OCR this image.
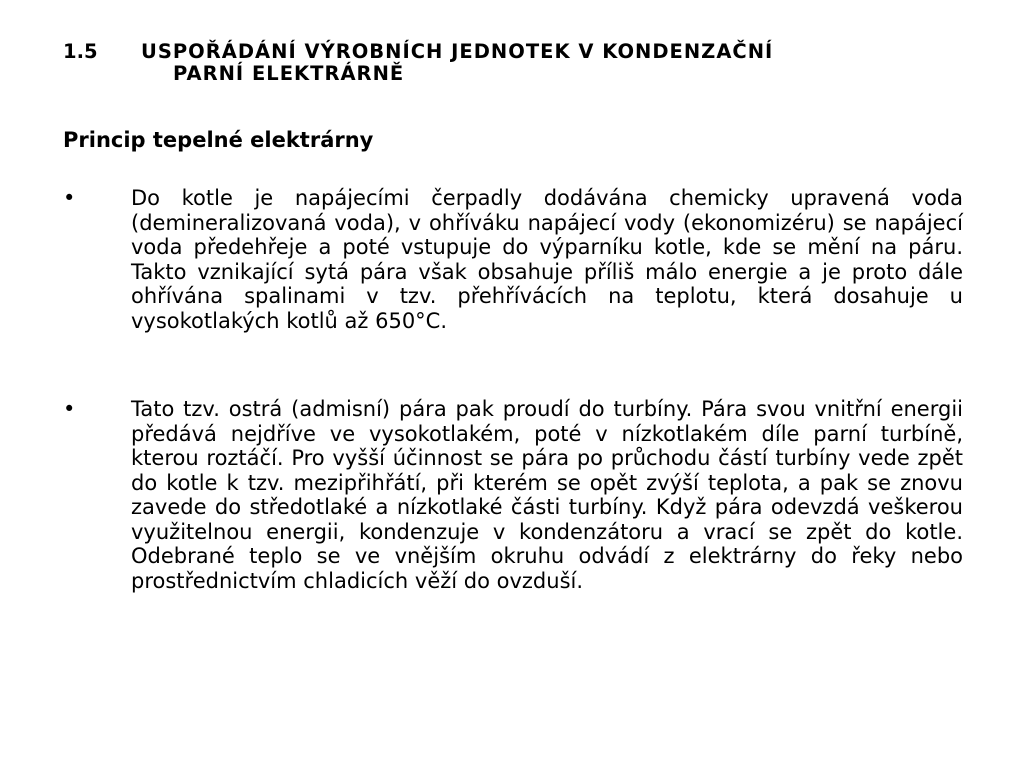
1.5 USPOŘÁDÁNÍ VÝROBNÍCH JEDNOTEK V KONDENZAČNÍ
PARNÍ ELEKTRÁRNĚ
Princip tepelné elektrárny
•	Do kotle je napájecími čerpadly dodávána chemicky upravená voda (demineralizovaná voda), v ohříváku napájecí vody (ekonomizéru) se napájecí voda předehřeje a poté vstupuje do výparníku kotle, kde se mění na páru. Takto vznikající sytá pára však obsahuje příliš málo energie a je proto dále ohřívána spalinami v tzv. přehřívácích na teplotu, která dosahuje u vysokotlakých kotlů až 650°C.
•	Tato tzv. ostrá (admisní) pára pak proudí do turbíny. Pára svou vnitřní energii předává nejdříve ve vysokotlakém, poté v nízkotlakém díle parní turbíně, kterou roztáčí. Pro vyšší účinnost se pára po průchodu částí turbíny vede zpět do kotle k tzv. mezipřihřátí, při kterém se opět zvýší teplota, a pak se znovu zavede do středotlaké a nízkotlaké části turbíny. Když pára odevzdá veškerou využitelnou energii, kondenzuje v kondenzátoru a vrací se zpět do kotle. Odebrané teplo se ve vnějším okruhu odvádí z elektrárny do řeky nebo prostřednictvím chladicích věží do ovzduší.
